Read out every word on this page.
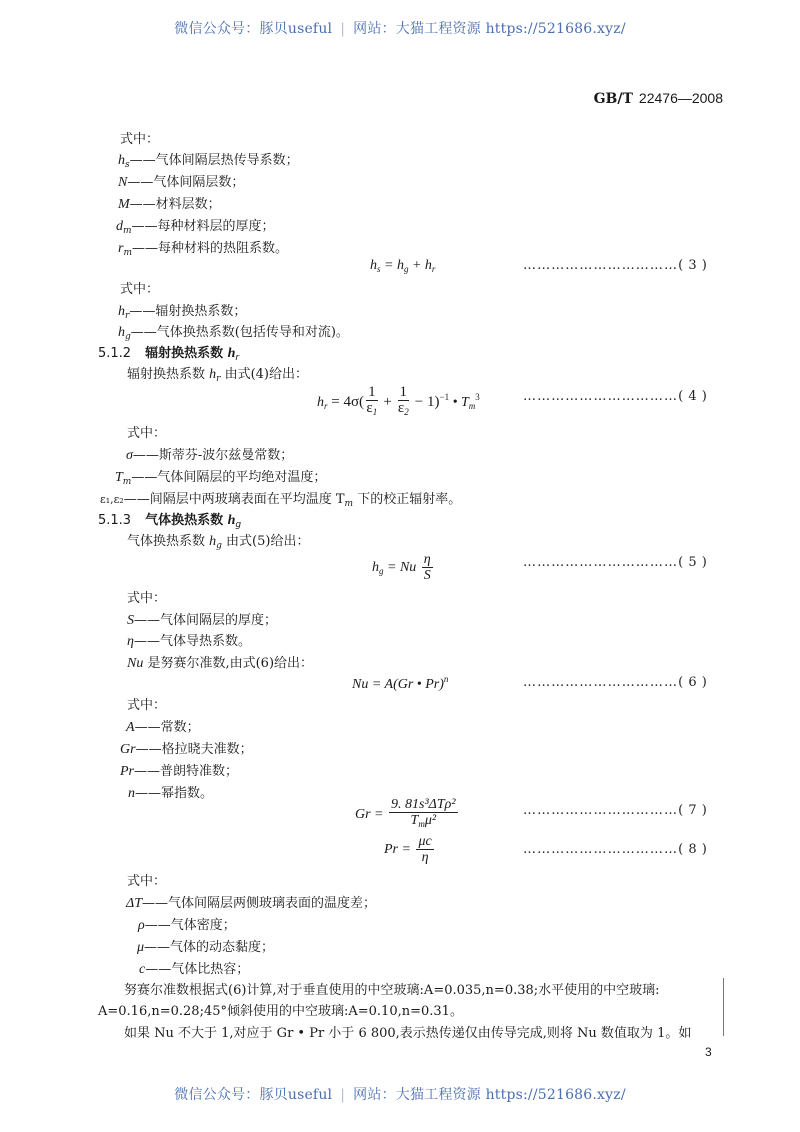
微信公众号：豚贝useful | 网站：大猫工程资源 https://521686.xyz/
GB/T 22476—2008
式中：
$h_s——$气体间隔层热传导系数；
N——气体间隔层数；
M——材料层数；
$d_m——$每种材料层的厚度；
$r_m——$每种材料的热阻系数。
$h_s = h_g + h_r$	……………………………( 3 )
式中：
$h_r——$辐射换热系数；
$h_g——$气体换热系数(包括传导和对流)。
5.1.2 辐射换热系数 $h_r$
辐射换热系数 $h_r$ 由式(4)给出：
$h_r = 4\sigma( \frac{1}{\varepsilon_1} + \frac{1}{\varepsilon_2} - 1)^{-1}$ • $T_m^3$	……………………………( 4 )
式中：
σ——斯蒂芬-波尔兹曼常数；
$T_m——$气体间隔层的平均绝对温度；
ε₁,ε₂——间隔层中两玻璃表面在平均温度 $T_m$ 下的校正辐射率。
5.1.3 气体换热系数 $h_g$
气体换热系数 $h_g$ 由式(5)给出：
$h_g = Nu \frac{\eta}{S}$	……………………………( 5 )
式中：
S——气体间隔层的厚度；
η——气体导热系数。
Nu 是努赛尔准数,由式(6)给出：
Nu = A(Gr • Pr)$^n$	……………………………( 6 )
式中：
A——常数；
Gr——格拉晓夫准数；
Pr——普朗特准数；
n——幂指数。
$Gr = \frac{\text{9. 81s³ΔTρ²}}{T_m\mu^2}$	……………………………( 7 )
$Pr = \frac{\mu c}{\eta}$	……………………………( 8 )
式中：
ΔT——气体间隔层两侧玻璃表面的温度差；
ρ——气体密度；
μ——气体的动态黏度；
c——气体比热容；
努赛尔准数根据式(6)计算,对于垂直使用的中空玻璃:A=0.035,n=0.38;水平使用的中空玻璃:
A=0.16,n=0.28;45°倾斜使用的中空玻璃:A=0.10,n=0.31。
如果 Nu 不大于 1,对应于 Gr • Pr 小于 6 800,表示热传递仅由传导完成,则将 Nu 数值取为 1。如
3
微信公众号：豚贝useful | 网站：大猫工程资源 https://521686.xyz/
